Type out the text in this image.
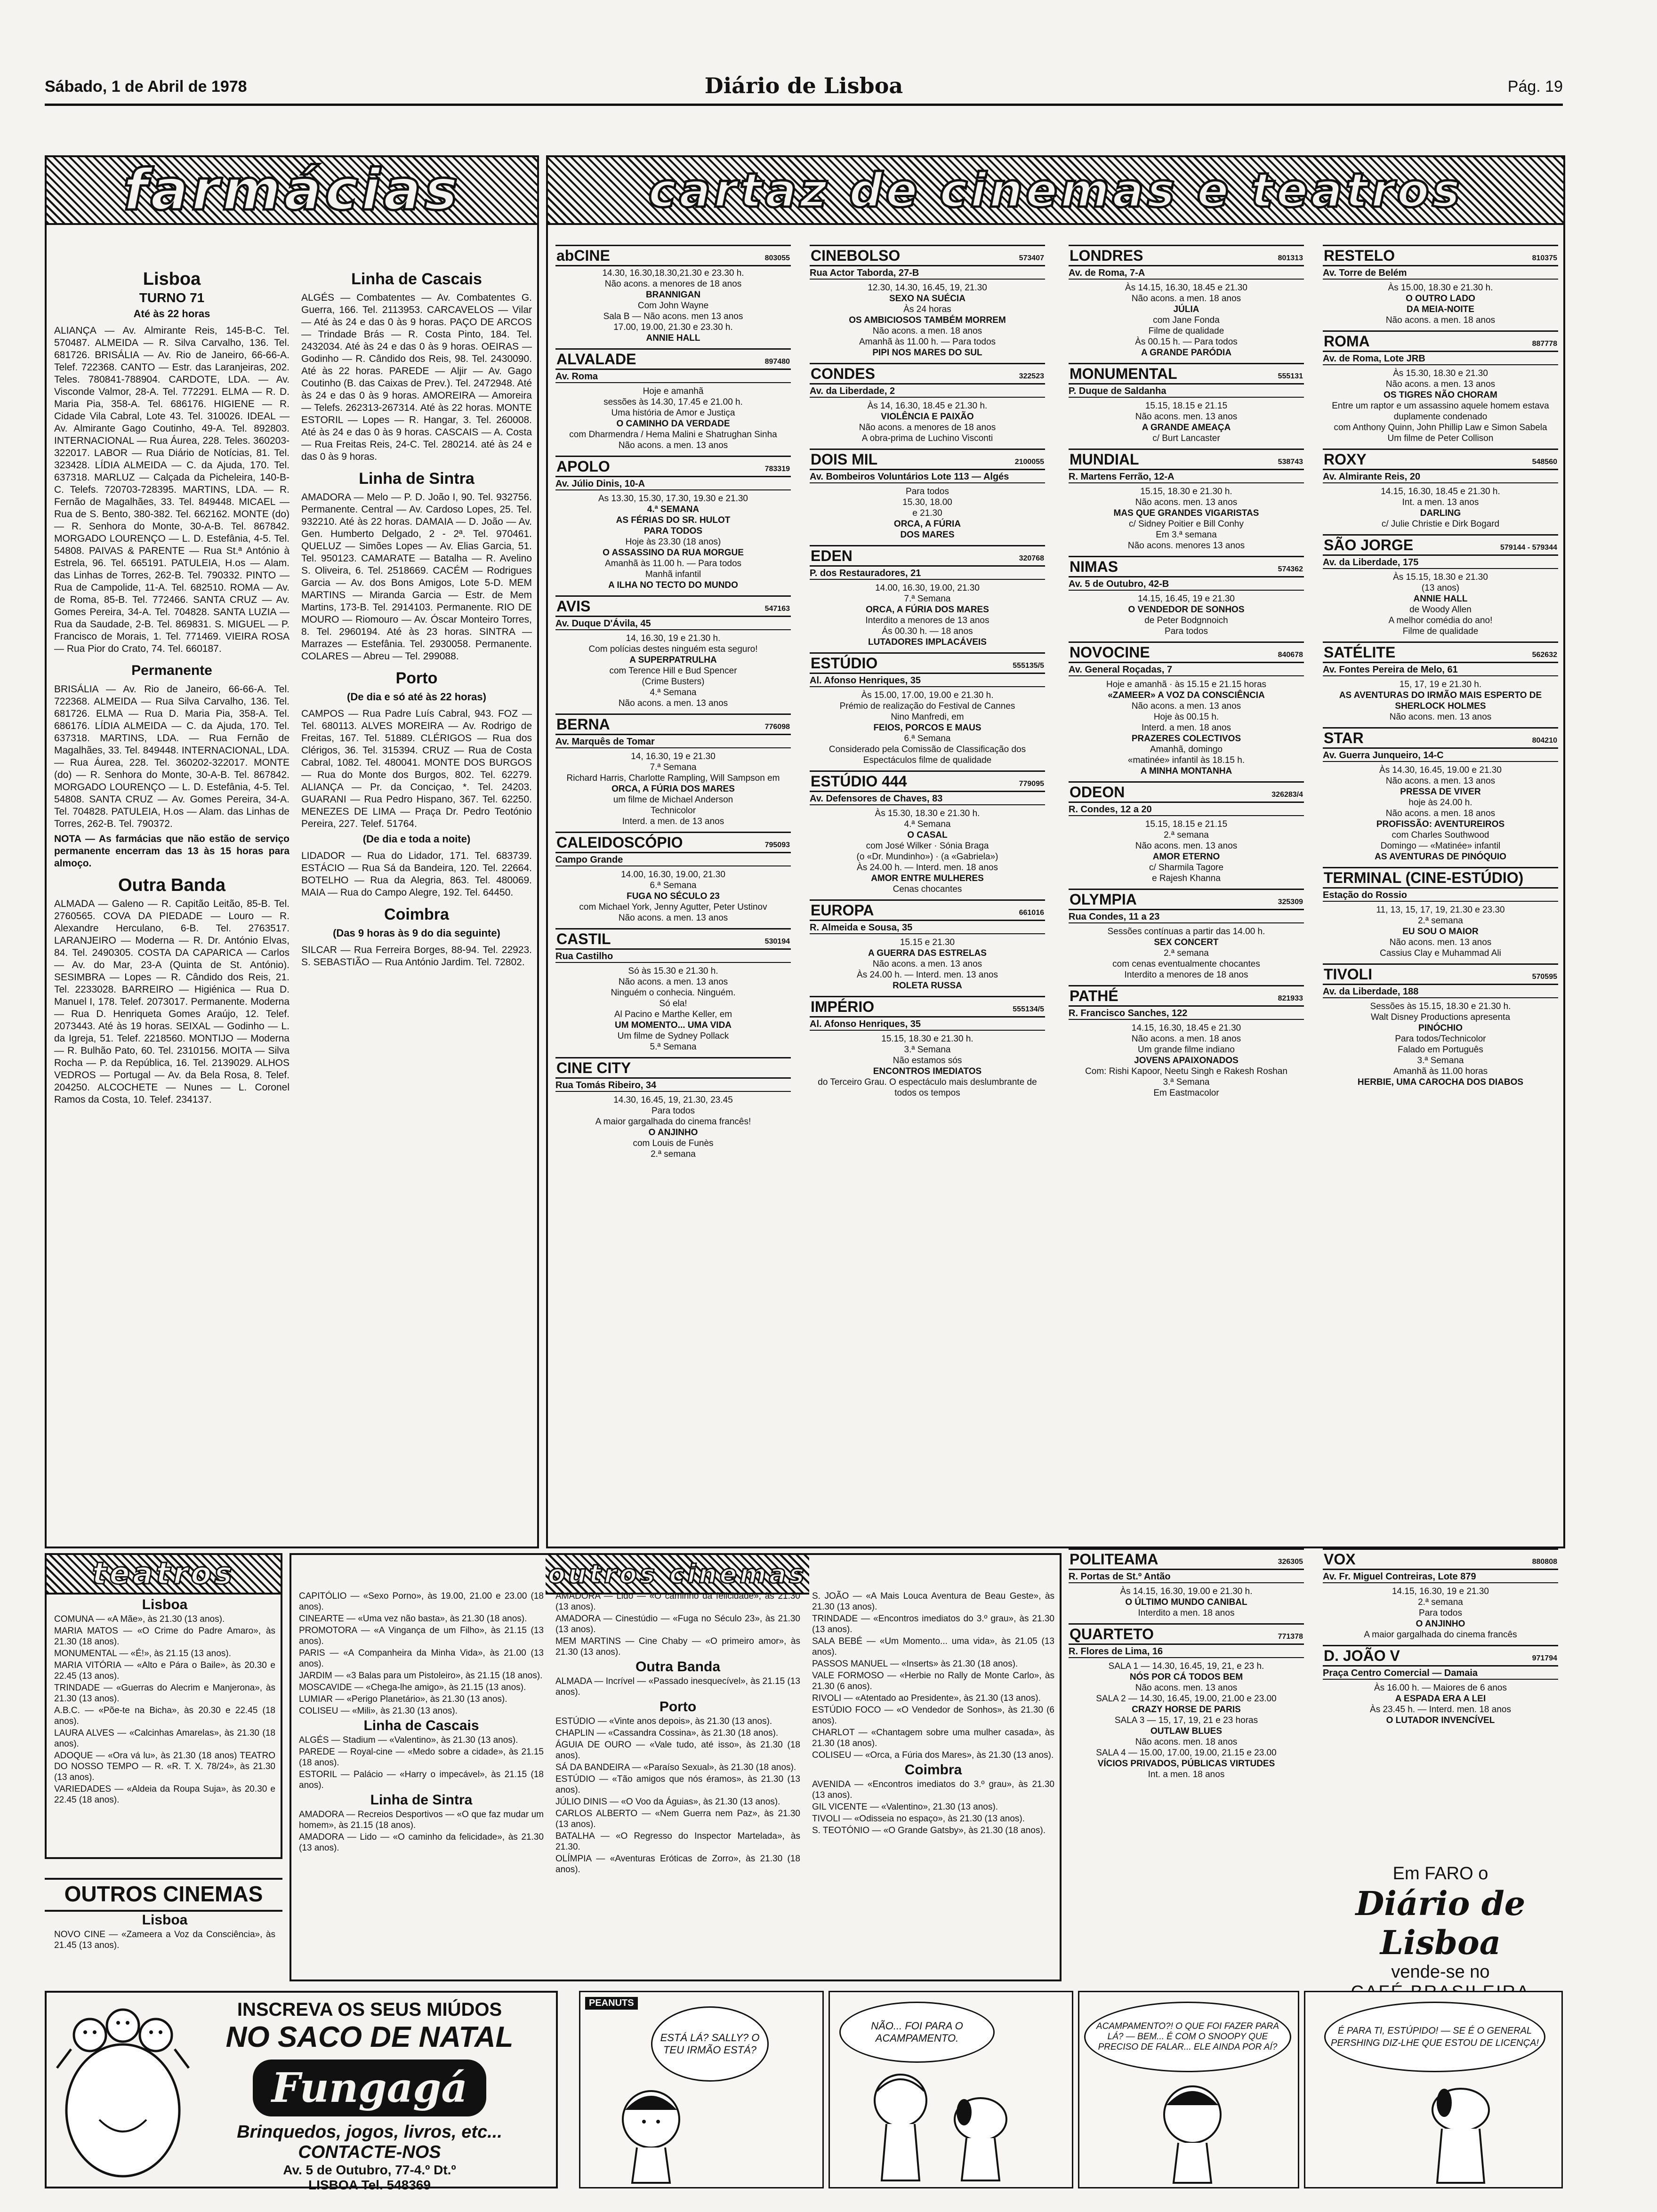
Sábado, 1 de Abril de 1978	Diário de Lisboa	Pág. 19
farmácias
Lisboa
TURNO 71
Até às 22 horas

ALIANÇA — Av. Almirante Reis, 145-B-C. Tel. 570487. ALMEIDA — R. Silva Carvalho, 136. Tel. 681726. BRISÁLIA — Av. Rio de Janeiro, 66-66-A. Telef. 722368. CANTO — Estr. das Laranjeiras, 202. Teles. 780841-788904. CARDOTE, LDA. — Av. Visconde Valmor, 28-A. Tel. 772291. ELMA — R. D. Maria Pia, 358-A. Tel. 686176. HIGIENE — R. Cidade Vila Cabral, Lote 43. Tel. 310026. IDEAL — Av. Almirante Gago Coutinho, 49-A. Tel. 892803. INTERNACIONAL — Rua Áurea, 228. Teles. 360203-322017. LABOR — Rua Diário de Notícias, 81. Tel. 323428. LÍDIA ALMEIDA — C. da Ajuda, 170. Tel. 637318. MARLUZ — Calçada da Picheleira, 140-B-C. Telefs. 720703-728395. MARTINS, LDA. — R. Fernão de Magalhães, 33. Tel. 849448. MICAEL — Rua de S. Bento, 380-382. Tel. 662162. MONTE (do) — R. Senhora do Monte, 30-A-B. Tel. 867842. MORGADO LOURENÇO — L. D. Estefânia, 4-5. Tel. 54808. PAIVAS & PARENTE — Rua St.ª António à Estrela, 96. Tel. 665191. PATULEIA, H.os — Alam. das Linhas de Torres, 262-B. Tel. 790332. PINTO — Rua de Campolide, 11-A. Tel. 682510. ROMA — Av. de Roma, 85-B. Tel. 772466. SANTA CRUZ — Av. Gomes Pereira, 34-A. Tel. 704828. SANTA LUZIA — Rua da Saudade, 2-B. Tel. 869831. S. MIGUEL — P. Francisco de Morais, 1. Tel. 771469. VIEIRA ROSA — Rua Pior do Crato, 74. Tel. 660187.

Permanente

BRISÁLIA — Av. Rio de Janeiro, 66-66-A. Tel. 722368. ALMEIDA — Rua Silva Carvalho, 136. Tel. 681726. ELMA — Rua D. Maria Pia, 358-A. Tel. 686176. LÍDIA ALMEIDA — C. da Ajuda, 170. Tel. 637318. MARTINS, LDA. — Rua Fernão de Magalhães, 33. Tel. 849448. INTERNACIONAL, LDA. — Rua Áurea, 228. Tel. 360202-322017. MONTE (do) — R. Senhora do Monte, 30-A-B. Tel. 867842. MORGADO LOURENÇO — L. D. Estefânia, 4-5. Tel. 54808. SANTA CRUZ — Av. Gomes Pereira, 34-A. Tel. 704828. PATULEIA, H.os — Alam. das Linhas de Torres, 262-B. Tel. 790372.

NOTA — As farmácias que não estão de serviço permanente encerram das 13 às 15 horas para almoço.

Outra Banda

ALMADA — Galeno — R. Capitão Leitão, 85-B. Tel. 2760565. COVA DA PIEDADE — Louro — R. Alexandre Herculano, 6-B. Tel. 2763517. LARANJEIRO — Moderna — R. Dr. António Elvas, 84. Tel. 2490305. COSTA DA CAPARICA — Carlos — Av. do Mar, 23-A (Quinta de St. António). SESIMBRA — Lopes — R. Cândido dos Reis, 21. Tel. 2233028. BARREIRO — Higiénica — Rua D. Manuel I, 178. Telef. 2073017. Permanente. Moderna — Rua D. Henriqueta Gomes Araújo, 12. Telef. 2073443. Até às 19 horas. SEIXAL — Godinho — L. da Igreja, 51. Telef. 2218560. MONTIJO — Moderna — R. Bulhão Pato, 60. Tel. 2310156. MOITA — Silva Rocha — P. da República, 16. Tel. 2139029. ALHOS VEDROS — Portugal — Av. da Bela Rosa, 8. Telef. 204250. ALCOCHETE — Nunes — L. Coronel Ramos da Costa, 10. Telef. 234137.

Linha de Cascais

ALGÉS — Combatentes — Av. Combatentes G. Guerra, 166. Tel. 2113953. CARCAVELOS — Vilar — Até às 24 e das 0 às 9 horas. PAÇO DE ARCOS — Trindade Brás — R. Costa Pinto, 184. Tel. 2432034. Até às 24 e das 0 às 9 horas. OEIRAS — Godinho — R. Cândido dos Reis, 98. Tel. 2430090. Até às 22 horas. PAREDE — Aljir — Av. Gago Coutinho (B. das Caixas de Prev.). Tel. 2472948. Até às 24 e das 0 às 9 horas. AMOREIRA — Amoreira — Telefs. 262313-267314. Até às 22 horas. MONTE ESTORIL — Lopes — R. Hangar, 3. Tel. 260008. Até às 24 e das 0 às 9 horas. CASCAIS — A. Costa — Rua Freitas Reis, 24-C. Tel. 280214. até às 24 e das 0 às 9 horas.

Linha de Sintra

AMADORA — Melo — P. D. João I, 90. Tel. 932756. Permanente. Central — Av. Cardoso Lopes, 25. Tel. 932210. Até às 22 horas. DAMAIA — D. João — Av. Gen. Humberto Delgado, 2 - 2ª. Tel. 970461. QUELUZ — Simões Lopes — Av. Elias Garcia, 51. Tel. 950123. CAMARATE — Batalha — R. Avelino S. Oliveira, 6. Tel. 2518669. CACÉM — Rodrigues Garcia — Av. dos Bons Amigos, Lote 5-D. MEM MARTINS — Miranda Garcia — Estr. de Mem Martins, 173-B. Tel. 2914103. Permanente. RIO DE MOURO — Riomouro — Av. Óscar Monteiro Torres, 8. Tel. 2960194. Até às 23 horas. SINTRA — Marrazes — Estefânia. Tel. 2930058. Permanente. COLARES — Abreu — Tel. 299088.

Porto
(De dia e só até às 22 horas)

CAMPOS — Rua Padre Luís Cabral, 943. FOZ — Tel. 680113. ALVES MOREIRA — Av. Rodrigo de Freitas, 167. Tel. 51889. CLÉRIGOS — Rua dos Clérigos, 36. Tel. 315394. CRUZ — Rua de Costa Cabral, 1082. Tel. 480041. MONTE DOS BURGOS — Rua do Monte dos Burgos, 802. Tel. 62279. ALIANÇA — Pr. da Conciçao, *. Tel. 24203. GUARANI — Rua Pedro Hispano, 367. Tel. 62250. MENEZES DE LIMA — Praça Dr. Pedro Teotónio Pereira, 227. Telef. 51764.

(De dia e toda a noite)

LIDADOR — Rua do Lidador, 171. Tel. 683739. ESTÁCIO — Rua Sá da Bandeira, 120. Tel. 22664. BOTELHO — Rua da Alegria, 863. Tel. 480069. MAIA — Rua do Campo Alegre, 192. Tel. 64450.

Coimbra
(Das 9 horas às 9 do dia seguinte)

SILCAR — Rua Ferreira Borges, 88-94. Tel. 22923. S. SEBASTIÃO — Rua António Jardim. Tel. 72802.

cartaz de cinemas e teatros
abCINE	803055
14.30, 16.30,18.30,21.30 e 23.30 h.
Não acons. a menores de 18 anos
BRANNIGAN
Com John Wayne
Sala B — Não acons. men 13 anos
17.00, 19.00, 21.30 e 23.30 h.
ANNIE HALL
ALVALADE	897480
Av. Roma
Hoje e amanhã
sessões às 14.30, 17.45 e 21.00 h.
Uma história de Amor e Justiça
O CAMINHO DA VERDADE
com Dharmendra / Hema Malini e Shatrughan Sinha
Não acons. a men. 13 anos
APOLO	783319
Av. Júlio Dinis, 10-A
As 13.30, 15.30, 17.30, 19.30 e 21.30
4.ª SEMANA
AS FÉRIAS DO SR. HULOT
PARA TODOS
Hoje às 23.30 (18 anos)
O ASSASSINO DA RUA MORGUE
Amanhã às 11.00 h. — Para todos
Manhã infantil
A ILHA NO TECTO DO MUNDO
AVIS	547163
Av. Duque D'Ávila, 45
14, 16.30, 19 e 21.30 h.
Com polícias destes ninguém esta seguro!
A SUPERPATRULHA
com Terence Hill e Bud Spencer
(Crime Busters)
4.ª Semana
Não acons. a men. 13 anos
BERNA	776098
Av. Marquês de Tomar
14, 16.30, 19 e 21.30
7.ª Semana
Richard Harris, Charlotte Rampling, Will Sampson em
ORCA, A FÚRIA DOS MARES
um filme de Michael Anderson
Technicolor
Interd. a men. de 13 anos
CALEIDOSCÓPIO	795093
Campo Grande
14.00, 16.30, 19.00, 21.30
6.ª Semana
FUGA NO SÉCULO 23
com Michael York, Jenny Agutter, Peter Ustinov
Não acons. a men. 13 anos
CASTIL	530194
Rua Castilho
Só às 15.30 e 21.30 h.
Não acons. a men. 13 anos
Ninguém o conhecia. Ninguém.
Só ela!
Al Pacino e Marthe Keller, em
UM MOMENTO... UMA VIDA
Um filme de Sydney Pollack
5.ª Semana
CINE CITY
Rua Tomás Ribeiro, 34
14.30, 16.45, 19, 21.30, 23.45
Para todos
A maior gargalhada do cinema francês!
O ANJINHO
com Louis de Funès
2.ª semana
CINEBOLSO	573407
Rua Actor Taborda, 27-B
12.30, 14.30, 16.45, 19, 21.30
SEXO NA SUÉCIA
Às 24 horas
OS AMBICIOSOS TAMBÉM MORREM
Não acons. a men. 18 anos
Amanhã às 11.00 h. — Para todos
PIPI NOS MARES DO SUL
CONDES	322523
Av. da Liberdade, 2
Às 14, 16.30, 18.45 e 21.30 h.
VIOLÊNCIA E PAIXÃO
Não acons. a menores de 18 anos
A obra-prima de Luchino Visconti
DOIS MIL	2100055
Av. Bombeiros Voluntários Lote 113 — Algés
Para todos
15.30, 18.00
e 21.30
ORCA, A FÚRIA
DOS MARES
EDEN	320768
P. dos Restauradores, 21
14.00, 16.30, 19.00, 21.30
7.ª Semana
ORCA, A FÚRIA DOS MARES
Interdito a menores de 13 anos
Ás 00.30 h. — 18 anos
LUTADORES IMPLACÁVEIS
ESTÚDIO	555135/5
Al. Afonso Henriques, 35
Às 15.00, 17.00, 19.00 e 21.30 h.
Prémio de realização do Festival de Cannes
Nino Manfredi, em
FEIOS, PORCOS E MAUS
6.ª Semana
Considerado pela Comissão de Classificação dos Espectáculos filme de qualidade
ESTÚDIO 444	779095
Av. Defensores de Chaves, 83
Às 15.30, 18.30 e 21.30 h.
4.ª Semana
O CASAL
com José Wilker · Sónia Braga
(o «Dr. Mundinho») · (a «Gabriela»)
Às 24.00 h. — Interd. men. 18 anos
AMOR ENTRE MULHERES
Cenas chocantes
EUROPA	661016
R. Almeida e Sousa, 35
15.15 e 21.30
A GUERRA DAS ESTRELAS
Não acons. a men. 13 anos
Às 24.00 h. — Interd. men. 13 anos
ROLETA RUSSA
IMPÉRIO	555134/5
Al. Afonso Henriques, 35
15.15, 18.30 e 21.30 h.
3.ª Semana
Não estamos sós
ENCONTROS IMEDIATOS
do Terceiro Grau. O espectáculo mais deslumbrante de todos os tempos
LONDRES	801313
Av. de Roma, 7-A
Às 14.15, 16.30, 18.45 e 21.30
Não acons. a men. 18 anos
JÚLIA
com Jane Fonda
Filme de qualidade
Às 00.15 h. — Para todos
A GRANDE PARÓDIA
MONUMENTAL	555131
P. Duque de Saldanha
15.15, 18.15 e 21.15
Não acons. men. 13 anos
A GRANDE AMEAÇA
c/ Burt Lancaster
MUNDIAL	538743
R. Martens Ferrão, 12-A
15.15, 18.30 e 21.30 h.
Não acons. men. 13 anos
MAS QUE GRANDES VIGARISTAS
c/ Sidney Poitier e Bill Conhy
Em 3.ª semana
Não acons. menores 13 anos
NIMAS	574362
Av. 5 de Outubro, 42-B
14.15, 16.45, 19 e 21.30
O VENDEDOR DE SONHOS
de Peter Bodgnnoich
Para todos
NOVOCINE	840678
Av. General Roçadas, 7
Hoje e amanhã · às 15.15 e 21.15 horas
«ZAMEER» A VOZ DA CONSCIÊNCIA
Não acons. a men. 13 anos
Hoje às 00.15 h.
Interd. a men. 18 anos
PRAZERES COLECTIVOS
Amanhã, domingo
«matinée» infantil às 18.15 h.
A MINHA MONTANHA
ODEON	326283/4
R. Condes, 12 a 20
15.15, 18.15 e 21.15
2.ª semana
Não acons. men. 13 anos
AMOR ETERNO
c/ Sharmila Tagore
e Rajesh Khanna
OLYMPIA	325309
Rua Condes, 11 a 23
Sessões contínuas a partir das 14.00 h.
SEX CONCERT
2.ª semana
com cenas eventualmente chocantes
Interdito a menores de 18 anos
PATHÉ	821933
R. Francisco Sanches, 122
14.15, 16.30, 18.45 e 21.30
Não acons. a men. 18 anos
Um grande filme indiano
JOVENS APAIXONADOS
Com: Rishi Kapoor, Neetu Singh e Rakesh Roshan
3.ª Semana
Em Eastmacolor
RESTELO	810375
Av. Torre de Belém
Às 15.00, 18.30 e 21.30 h.
O OUTRO LADO
DA MEIA-NOITE
Não acons. a men. 18 anos
ROMA	887778
Av. de Roma, Lote JRB
Às 15.30, 18.30 e 21.30
Não acons. a men. 13 anos
OS TIGRES NÃO CHORAM
Entre um raptor e um assassino aquele homem estava duplamente condenado
com Anthony Quinn, John Phillip Law e Simon Sabela
Um filme de Peter Collison
ROXY	548560
Av. Almirante Reis, 20
14.15, 16.30, 18.45 e 21.30 h.
Int. a men. 13 anos
DARLING
c/ Julie Christie e Dirk Bogard
SÃO JORGE	579144 - 579344
Av. da Liberdade, 175
Às 15.15, 18.30 e 21.30
(13 anos)
ANNIE HALL
de Woody Allen
A melhor comédia do ano!
Filme de qualidade
SATÉLITE	562632
Av. Fontes Pereira de Melo, 61
15, 17, 19 e 21.30 h.
AS AVENTURAS DO IRMÃO MAIS ESPERTO DE SHERLOCK HOLMES
Não acons. men. 13 anos
STAR	804210
Av. Guerra Junqueiro, 14-C
Às 14.30, 16.45, 19.00 e 21.30
Não acons. a men. 13 anos
PRESSA DE VIVER
hoje às 24.00 h.
Não acons. a men. 18 anos
PROFISSÃO: AVENTUREIROS
com Charles Southwood
Domingo — «Matinée» infantil
AS AVENTURAS DE PINÓQUIO
TERMINAL (CINE-ESTÚDIO)
Estação do Rossio
11, 13, 15, 17, 19, 21.30 e 23.30
2.ª semana
EU SOU O MAIOR
Não acons. men. 13 anos
Cassius Clay e Muhammad Ali
TIVOLI	570595
Av. da Liberdade, 188
Sessões às 15.15, 18.30 e 21.30 h.
Walt Disney Productions apresenta
PINÓCHIO
Para todos/Technicolor
Falado em Português
3.ª Semana
Amanhã às 11.00 horas
HERBIE, UMA CAROCHA DOS DIABOS
POLITEAMA	326305
R. Portas de St.º Antão
Às 14.15, 16.30, 19.00 e 21.30 h.
O ÚLTIMO MUNDO CANIBAL
Interdito a men. 18 anos
QUARTETO	771378
R. Flores de Lima, 16
SALA 1 — 14.30, 16.45, 19, 21, e 23 h.
NÓS POR CÁ TODOS BEM
Não acons. men. 13 anos
SALA 2 — 14.30, 16.45, 19.00, 21.00 e 23.00
CRAZY HORSE DE PARIS
SALA 3 — 15, 17, 19, 21 e 23 horas
OUTLAW BLUES
Não acons. men. 18 anos
SALA 4 — 15.00, 17.00, 19.00, 21.15 e 23.00
VÍCIOS PRIVADOS, PÚBLICAS VIRTUDES
Int. a men. 18 anos
VOX	880808
Av. Fr. Miguel Contreiras, Lote 879
14.15, 16.30, 19 e 21.30
2.ª semana
Para todos
O ANJINHO
A maior gargalhada do cinema francês
D. JOÃO V	971794
Praça Centro Comercial — Damaia
Às 16.00 h. — Maiores de 6 anos
A ESPADA ERA A LEI
Às 23.45 h. — Interd. men. 18 anos
O LUTADOR INVENCÍVEL
teatros
Lisboa

COMUNA — «A Mãe», às 21.30 (13 anos).

MARIA MATOS — «O Crime do Padre Amaro», às 21.30 (18 anos).

MONUMENTAL — «É!», às 21.15 (13 anos).

MARIA VITÓRIA — «Alto e Pára o Baile», às 20.30 e 22.45 (13 anos).

TRINDADE — «Guerras do Alecrim e Manjerona», às 21.30 (13 anos).

A.B.C. — «Põe-te na Bicha», às 20.30 e 22.45 (18 anos).

LAURA ALVES — «Calcinhas Amarelas», às 21.30 (18 anos).

ADOQUE — «Ora vá lu», às 21.30 (18 anos) TEATRO DO NOSSO TEMPO — R. «R. T. X. 78/24», às 21.30 (13 anos).

VARIEDADES — «Aldeia da Roupa Suja», às 20.30 e 22.45 (18 anos).

OUTROS CINEMAS
Lisboa

NOVO CINE — «Zameera a Voz da Consciência», às 21.45 (13 anos).

outros cinemas

CAPITÓLIO — «Sexo Porno», às 19.00, 21.00 e 23.00 (18 anos).

CINEARTE — «Uma vez não basta», às 21.30 (18 anos).

PROMOTORA — «A Vingança de um Filho», às 21.15 (13 anos).

PARIS — «A Companheira da Minha Vida», às 21.00 (13 anos).

JARDIM — «3 Balas para um Pistoleiro», às 21.15 (18 anos).

MOSCAVIDE — «Chega-lhe amigo», às 21.15 (13 anos).

LUMIAR — «Perigo Planetário», às 21.30 (13 anos).

COLISEU — «Mili», às 21.30 (13 anos).

Linha de Cascais

ALGÉS — Stadium — «Valentino», às 21.30 (13 anos).

PAREDE — Royal-cine — «Medo sobre a cidade», às 21.15 (18 anos).

ESTORIL — Palácio — «Harry o impecável», às 21.15 (18 anos).

Linha de Sintra

AMADORA — Recreios Desportivos — «O que faz mudar um homem», às 21.15 (18 anos).

AMADORA — Lido — «O caminho da felicidade», às 21.30 (13 anos).

AMADORA — Lido — «O caminho da felicidade», às 21.30 (13 anos).

AMADORA — Cinestúdio — «Fuga no Século 23», às 21.30 (13 anos).

MEM MARTINS — Cine Chaby — «O primeiro amor», às 21.30 (13 anos).

Outra Banda

ALMADA — Incrível — «Passado inesquecível», às 21.15 (13 anos).

Porto

ESTÚDIO — «Vinte anos depois», às 21.30 (13 anos).

CHAPLIN — «Cassandra Cossina», às 21.30 (18 anos).

ÁGUIA DE OURO — «Vale tudo, até isso», às 21.30 (18 anos).

SÁ DA BANDEIRA — «Paraíso Sexual», às 21.30 (18 anos).

ESTÚDIO — «Tão amigos que nós éramos», às 21.30 (13 anos).

JÚLIO DINIS — «O Voo da Águias», às 21.30 (13 anos).

CARLOS ALBERTO — «Nem Guerra nem Paz», às 21.30 (13 anos).

BATALHA — «O Regresso do Inspector Martelada», às 21.30.

OLÍMPIA — «Aventuras Eróticas de Zorro», às 21.30 (18 anos).

S. JOÃO — «A Mais Louca Aventura de Beau Geste», às 21.30 (13 anos).

TRINDADE — «Encontros imediatos do 3.º grau», às 21.30 (13 anos).

SALA BEBÉ — «Um Momento... uma vida», às 21.05 (13 anos).

PASSOS MANUEL — «Inserts» às 21.30 (18 anos).

VALE FORMOSO — «Herbie no Rally de Monte Carlo», às 21.30 (6 anos).

RIVOLI — «Atentado ao Presidente», às 21.30 (13 anos).

ESTÚDIO FOCO — «O Vendedor de Sonhos», às 21.30 (6 anos).

CHARLOT — «Chantagem sobre uma mulher casada», às 21.30 (18 anos).

COLISEU — «Orca, a Fúria dos Mares», às 21.30 (13 anos).

Coimbra

AVENIDA — «Encontros imediatos do 3.º grau», às 21.30 (13 anos).

GIL VICENTE — «Valentino», 21.30 (13 anos).

TIVOLI — «Odisseia no espaço», às 21.30 (13 anos).

S. TEOTÓNIO — «O Grande Gatsby», às 21.30 (18 anos).

Em FARO o
Diário de Lisboa
vende-se no
INSCREVA OS SEUS MIÚDOS
NO SACO DE NATAL
Fungagá
Brinquedos, jogos, livros, etc...
CONTACTE-NOS
Av. 5 de Outubro, 77-4.º Dt.º
LISBOA Tel. 548369
PEANUTS
ESTÁ LÁ? SALLY? O TEU IRMÃO ESTÁ?
NÃO... FOI PARA O ACAMPAMENTO.
ACAMPAMENTO?! O QUE FOI FAZER PARA LÁ? — BEM... É COM O SNOOPY QUE PRECISO DE FALAR... ELE AINDA POR AÍ?
É PARA TI, ESTÚPIDO! — SE É O GENERAL PERSHING DIZ-LHE QUE ESTOU DE LICENÇA!
